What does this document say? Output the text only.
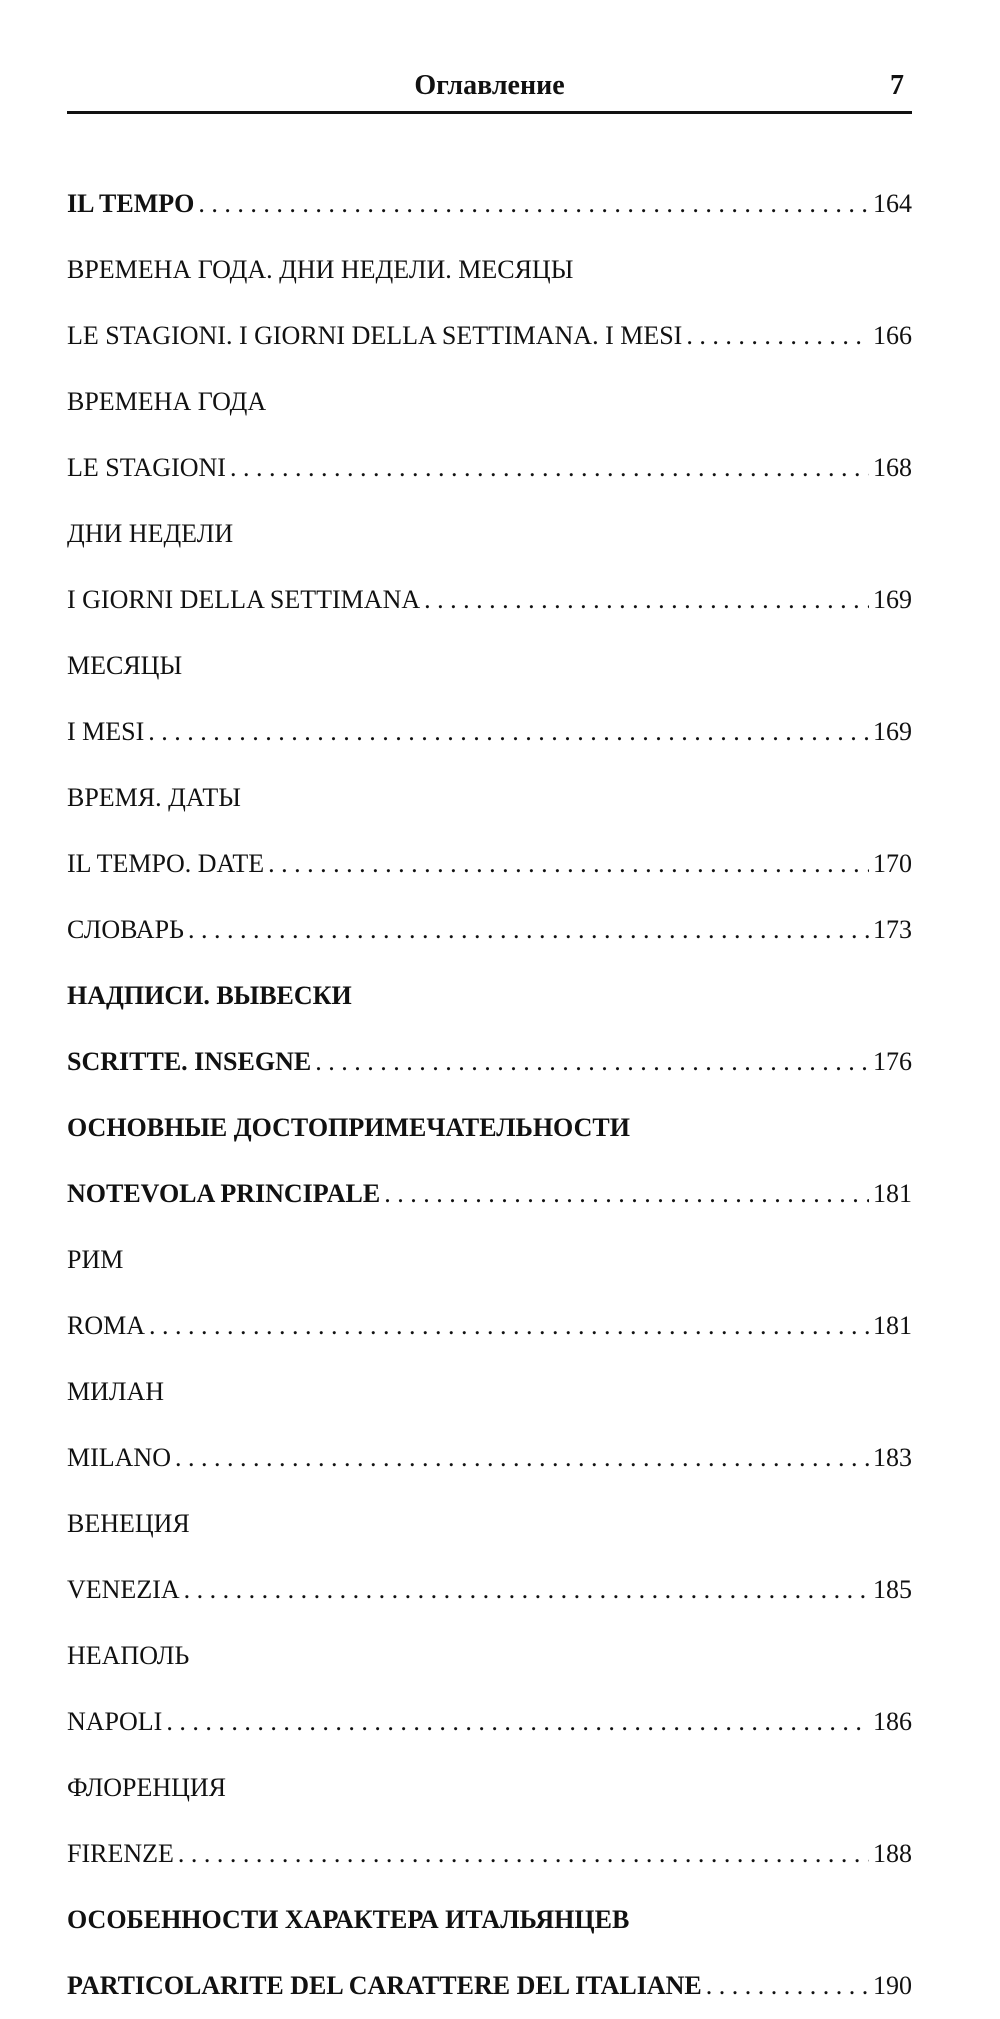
Оглавление	7
IL TEMPO . . .	164
ВРЕМЕНА ГОДА. ДНИ НЕДЕЛИ. МЕСЯЦЫ
LE STAGIONI. I GIORNI DELLA SETTIMANA. I MESI . . .	166
ВРЕМЕНА ГОДА
LE STAGIONI . . .	168
ДНИ НЕДЕЛИ
I GIORNI DELLA SETTIMANA . . .	169
МЕСЯЦЫ
I MESI . . .	169
ВРЕМЯ. ДАТЫ
IL TEMPO. DATE . . .	170
СЛОВАРЬ . . .	173
НАДПИСИ. ВЫВЕСКИ
SCRITTE. INSEGNE . . .	176
ОСНОВНЫЕ ДОСТОПРИМЕЧАТЕЛЬНОСТИ
NOTEVOLA PRINCIPALE . . .	181
РИМ
ROMA . . .	181
МИЛАН
MILANO . . .	183
ВЕНЕЦИЯ
VENEZIA . . .	185
НЕАПОЛЬ
NAPOLI . . .	186
ФЛОРЕНЦИЯ
FIRENZE . . .	188
ОСОБЕННОСТИ ХАРАКТЕРА ИТАЛЬЯНЦЕВ
PARTICOLARITE DEL CARATTERE DEL ITALIANE . . .	190
